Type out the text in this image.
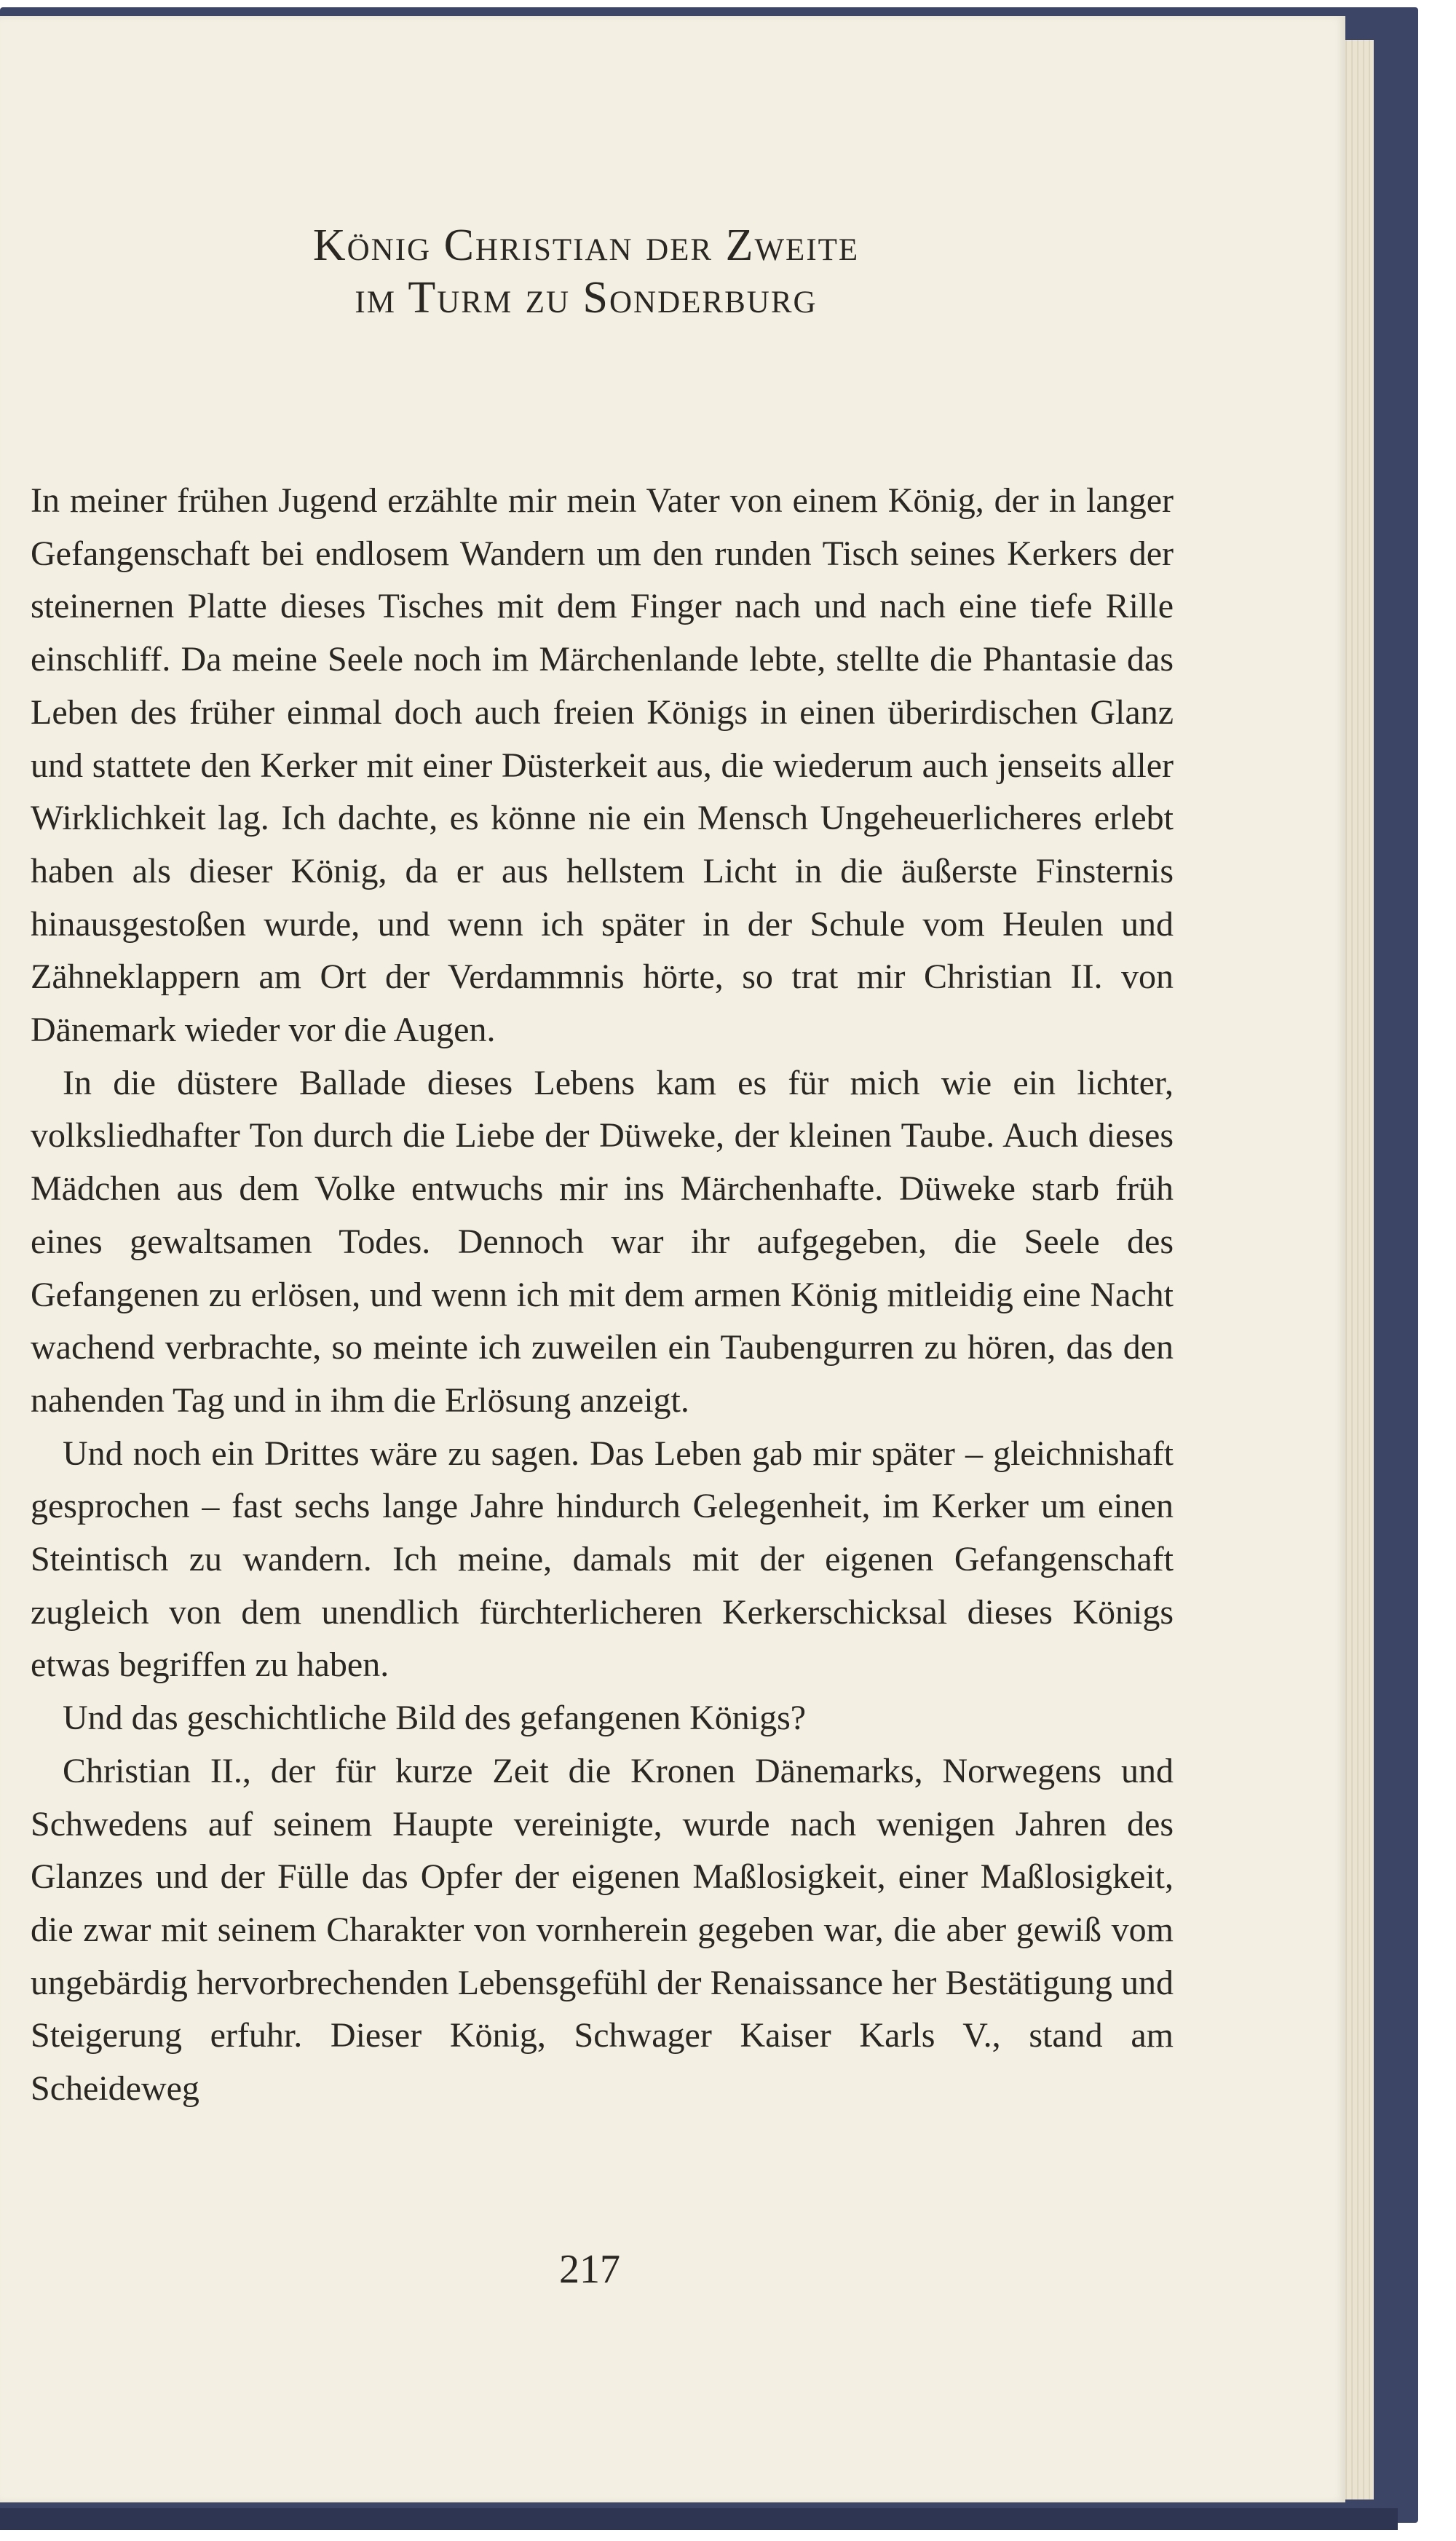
König Christian der Zweite
im Turm zu Sonderburg

In meiner frühen Jugend erzählte mir mein Vater von einem König, der in langer Gefangenschaft bei endlosem Wandern um den runden Tisch seines Kerkers der steinernen Platte dieses Tisches mit dem Finger nach und nach eine tiefe Rille einschliff. Da meine Seele noch im Märchenlande lebte, stellte die Phantasie das Leben des früher einmal doch auch freien Königs in einen überirdischen Glanz und stattete den Kerker mit einer Düsterkeit aus, die wiederum auch jenseits aller Wirklichkeit lag. Ich dachte, es könne nie ein Mensch Ungeheuerlicheres erlebt haben als dieser König, da er aus hellstem Licht in die äußerste Finsternis hinausgestoßen wurde, und wenn ich später in der Schule vom Heulen und Zähneklappern am Ort der Verdammnis hörte, so trat mir Christian II. von Dänemark wieder vor die Augen.

In die düstere Ballade dieses Lebens kam es für mich wie ein lichter, volksliedhafter Ton durch die Liebe der Düweke, der kleinen Taube. Auch dieses Mädchen aus dem Volke entwuchs mir ins Märchenhafte. Düweke starb früh eines gewaltsamen Todes. Dennoch war ihr aufgegeben, die Seele des Gefangenen zu erlösen, und wenn ich mit dem armen König mitleidig eine Nacht wachend verbrachte, so meinte ich zuweilen ein Taubengurren zu hören, das den nahenden Tag und in ihm die Erlösung anzeigt.

Und noch ein Drittes wäre zu sagen. Das Leben gab mir später – gleichnishaft gesprochen – fast sechs lange Jahre hindurch Gelegenheit, im Kerker um einen Steintisch zu wandern. Ich meine, damals mit der eigenen Gefangenschaft zugleich von dem unendlich fürchterlicheren Kerkerschicksal dieses Königs etwas begriffen zu haben.

Und das geschichtliche Bild des gefangenen Königs?

Christian II., der für kurze Zeit die Kronen Dänemarks, Norwegens und Schwedens auf seinem Haupte vereinigte, wurde nach wenigen Jahren des Glanzes und der Fülle das Opfer der eigenen Maßlosigkeit, einer Maßlosigkeit, die zwar mit seinem Charakter von vornherein gegeben war, die aber gewiß vom ungebärdig hervorbrechenden Lebensgefühl der Renaissance her Bestätigung und Steigerung erfuhr. Dieser König, Schwager Kaiser Karls V., stand am Scheideweg

217
